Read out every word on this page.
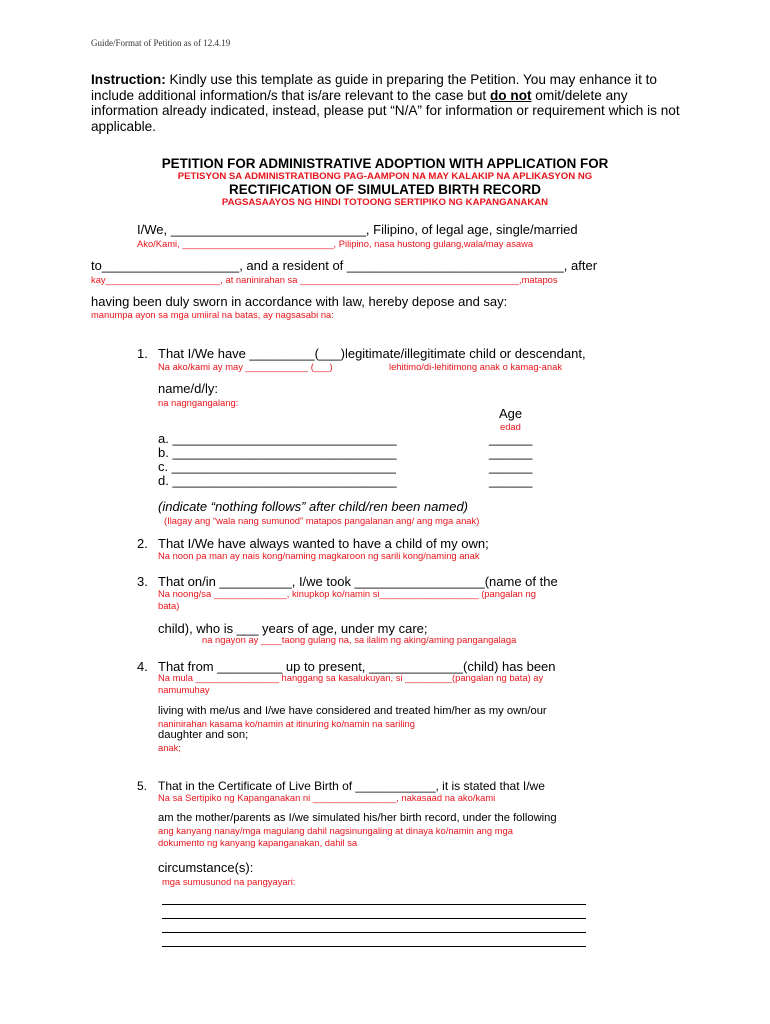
Guide/Format of Petition as of 12.4.19
Instruction: Kindly use this template as guide in preparing the Petition. You may enhance it to include additional information/s that is/are relevant to the case but do not omit/delete any information already indicated, instead, please put “N/A” for information or requirement which is not applicable.
PETITION FOR ADMINISTRATIVE ADOPTION WITH APPLICATION FOR
PETISYON SA ADMINISTRATIBONG PAG-AAMPON NA MAY KALAKIP NA APLIKASYON NG
RECTIFICATION OF SIMULATED BIRTH RECORD
PAGSASAAYOS NG HINDI TOTOONG SERTIPIKO NG KAPANGANAKAN
I/We, ___________________________, Filipino, of legal age, single/married
Ako/Kami, _____________________________, Pilipino, nasa hustong gulang,wala/may asawa
to___________________, and a resident of ______________________________, after
kay______________________, at naninirahan sa __________________________________________,matapos
having been duly sworn in accordance with law, hereby depose and say:
manumpa ayon sa mga umiiral na batas, ay nagsasabi na:
1. That I/We have _________(___)legitimate/illegitimate child or descendant,
Na ako/kami ay may ____________ (___)	lehitimo/di-lehitimong anak o kamag-anak
name/d/ly:
na nagngangalang:
Age
edad
a. _______________________________	______
b. _______________________________	______
c. _______________________________	______
d. _______________________________	______
(indicate “nothing follows” after child/ren been named)
(Ilagay ang “wala nang sumunod” matapos pangalanan ang/ ang mga anak)
2. That I/We have always wanted to have a child of my own;
Na noon pa man ay nais kong/naming magkaroon ng sarili kong/naming anak
3. That on/in __________, I/we took __________________(name of the
Na noong/sa ______________, kinupkop ko/namin si___________________ (pangalan ng
bata)
child), who is ___ years of age, under my care;
na ngayon ay ____taong gulang na, sa ilalim ng aking/aming pangangalaga
4. That from _________ up to present, _____________(child) has been
Na mula ________________ hanggang sa kasalukuyan, si _________(pangalan ng bata) ay
namumuhay
living with me/us and I/we have considered and treated him/her as my own/our
naninirahan kasama ko/namin at itinuring ko/namin na sariling
daughter and son;
anak;
5. That in the Certificate of Live Birth of ____________, it is stated that I/we
Na sa Sertipiko ng Kapanganakan ni ________________, nakasaad na ako/kami
am the mother/parents as I/we simulated his/her birth record, under the following
ang kanyang nanay/mga magulang dahil nagsinungaling at dinaya ko/namin ang mga
dokumento ng kanyang kapanganakan, dahil sa
circumstance(s):
mga sumusunod na pangyayari:
